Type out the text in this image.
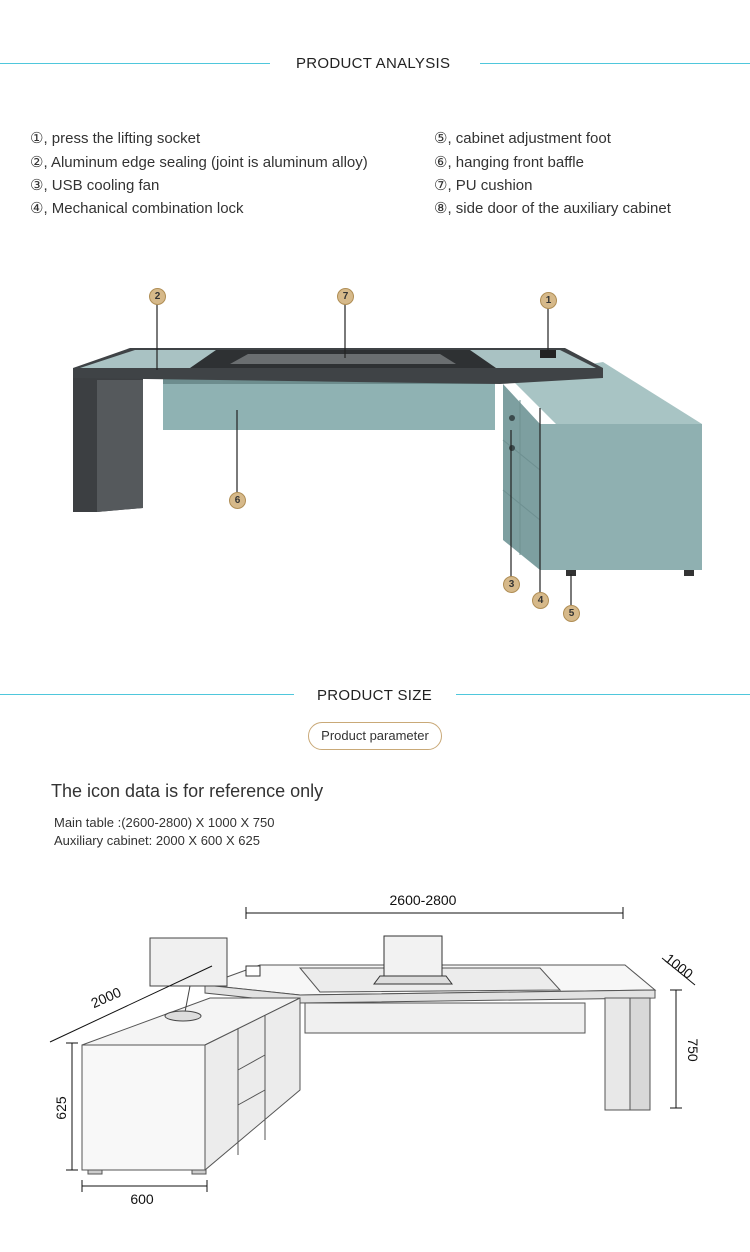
PRODUCT ANALYSIS
①, press the lifting socket
②, Aluminum edge sealing (joint is aluminum alloy)
③, USB cooling fan
④, Mechanical combination lock
⑤, cabinet adjustment foot
⑥, hanging front baffle
⑦, PU cushion
⑧, side door of the auxiliary cabinet
2	7	1
6
3
4
5
PRODUCT SIZE
Product parameter
The icon data is for reference only
Main table :(2600-2800) X 1000 X 750
Auxiliary cabinet: 2000 X 600 X 625
2600-2800
1000
750
2000
625
600
